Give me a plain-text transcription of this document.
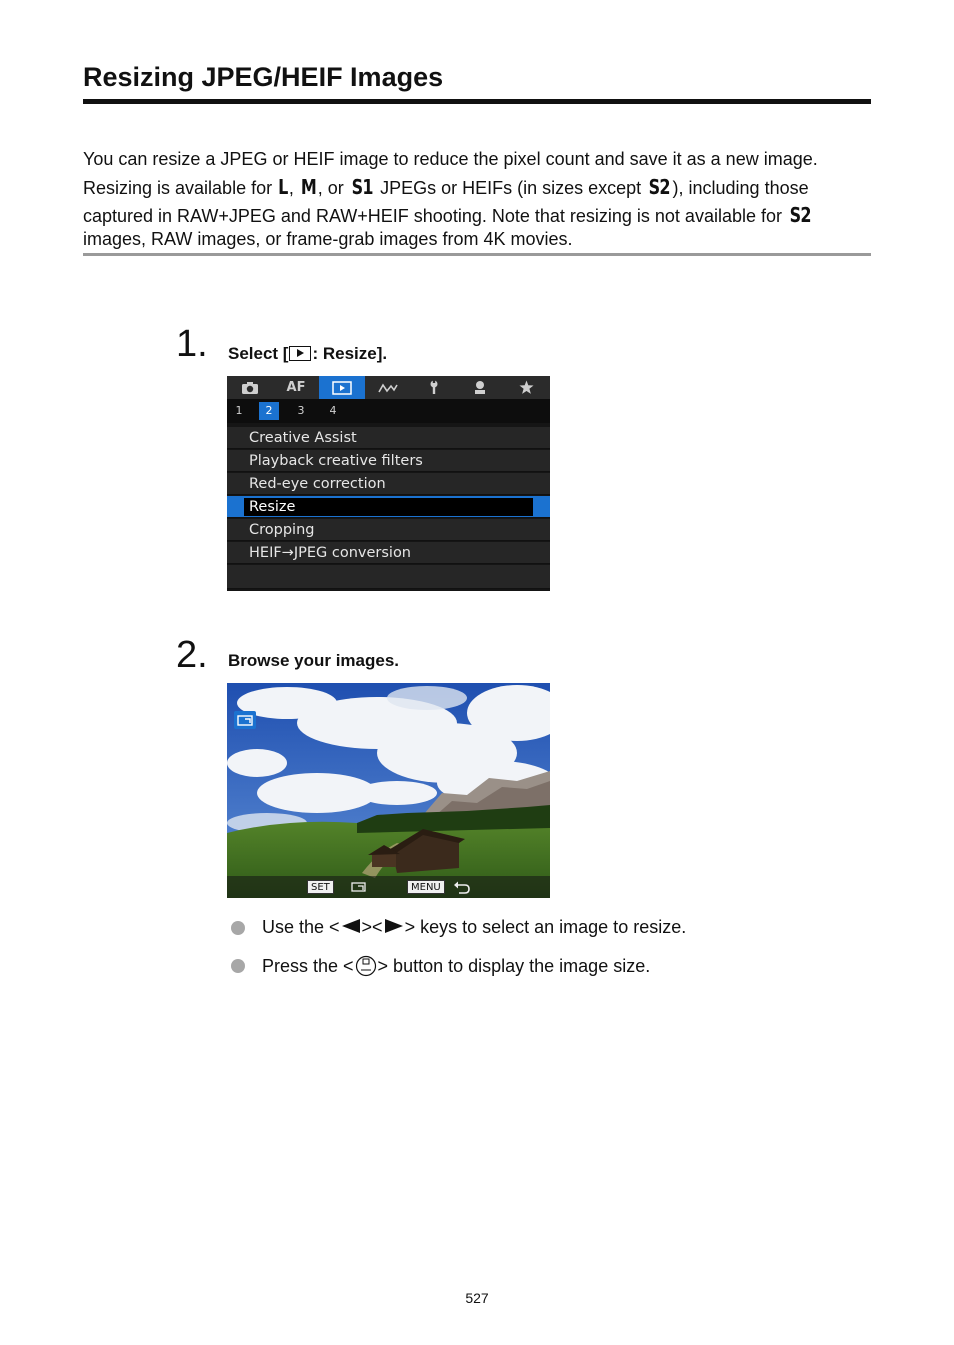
Resizing JPEG/HEIF Images

You can resize a JPEG or HEIF image to reduce the pixel count and save it as a new image.

Resizing is available for L, M , or S1 JPEGs or HEIFs (in sizes except S2 ), including those

captured in RAW+JPEG and RAW+HEIF shooting. Note that resizing is not available for S2

images, RAW images, or frame-grab images from 4K movies.

1. Select [ : Resize].
AF
1	2	3	4
Creative Assist
Playback creative filters
Red-eye correction
Resize
Cropping
HEIF→JPEG conversion
2. Browse your images.
SET	MENU
Use the < >< > keys to select an image to resize.
Press the < > button to display the image size.
527
